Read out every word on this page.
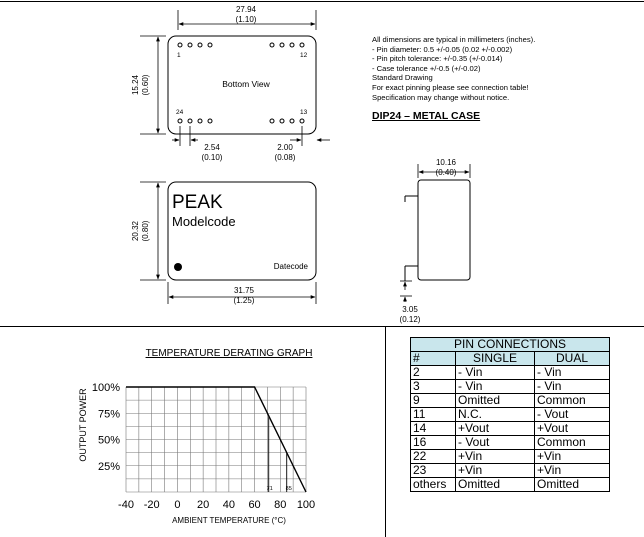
1	12
24	13
Bottom View
27.94
(1.10)
15.24 (0.60)
2.54
(0.10)
2.00
(0.08)
PEAK
Modelcode
Datecode
20.32 (0.80)
31.75
(1.25)
10.16
(0.40)
3.05
(0.12)
TEMPERATURE DERATING GRAPH
OUTPUT POWER
AMBIENT TEMPERATURE (°C)
100%
75%
50%
25%
-40 -20 0 20 40 60 80 100
71 85
All dimensions are typical in millimeters (inches).
- Pin diameter: 0.5 +/-0.05 (0.02 +/-0.002)
- Pin pitch tolerance: +/-0.35 (+/-0.014)
- Case tolerance +/-0.5 (+/-0.02)
Standard Drawing
For exact pinning please see connection table!
Specification may change without notice.
DIP24 – METAL CASE
PIN CONNECTIONS		
#	SINGLE	DUAL
2	- Vin	- Vin
3	- Vin	- Vin
9	Omitted	Common
11	N.C.	- Vout
14	+Vout	+Vout
16	- Vout	Common
22	+Vin	+Vin
23	+Vin	+Vin
others	Omitted	Omitted
